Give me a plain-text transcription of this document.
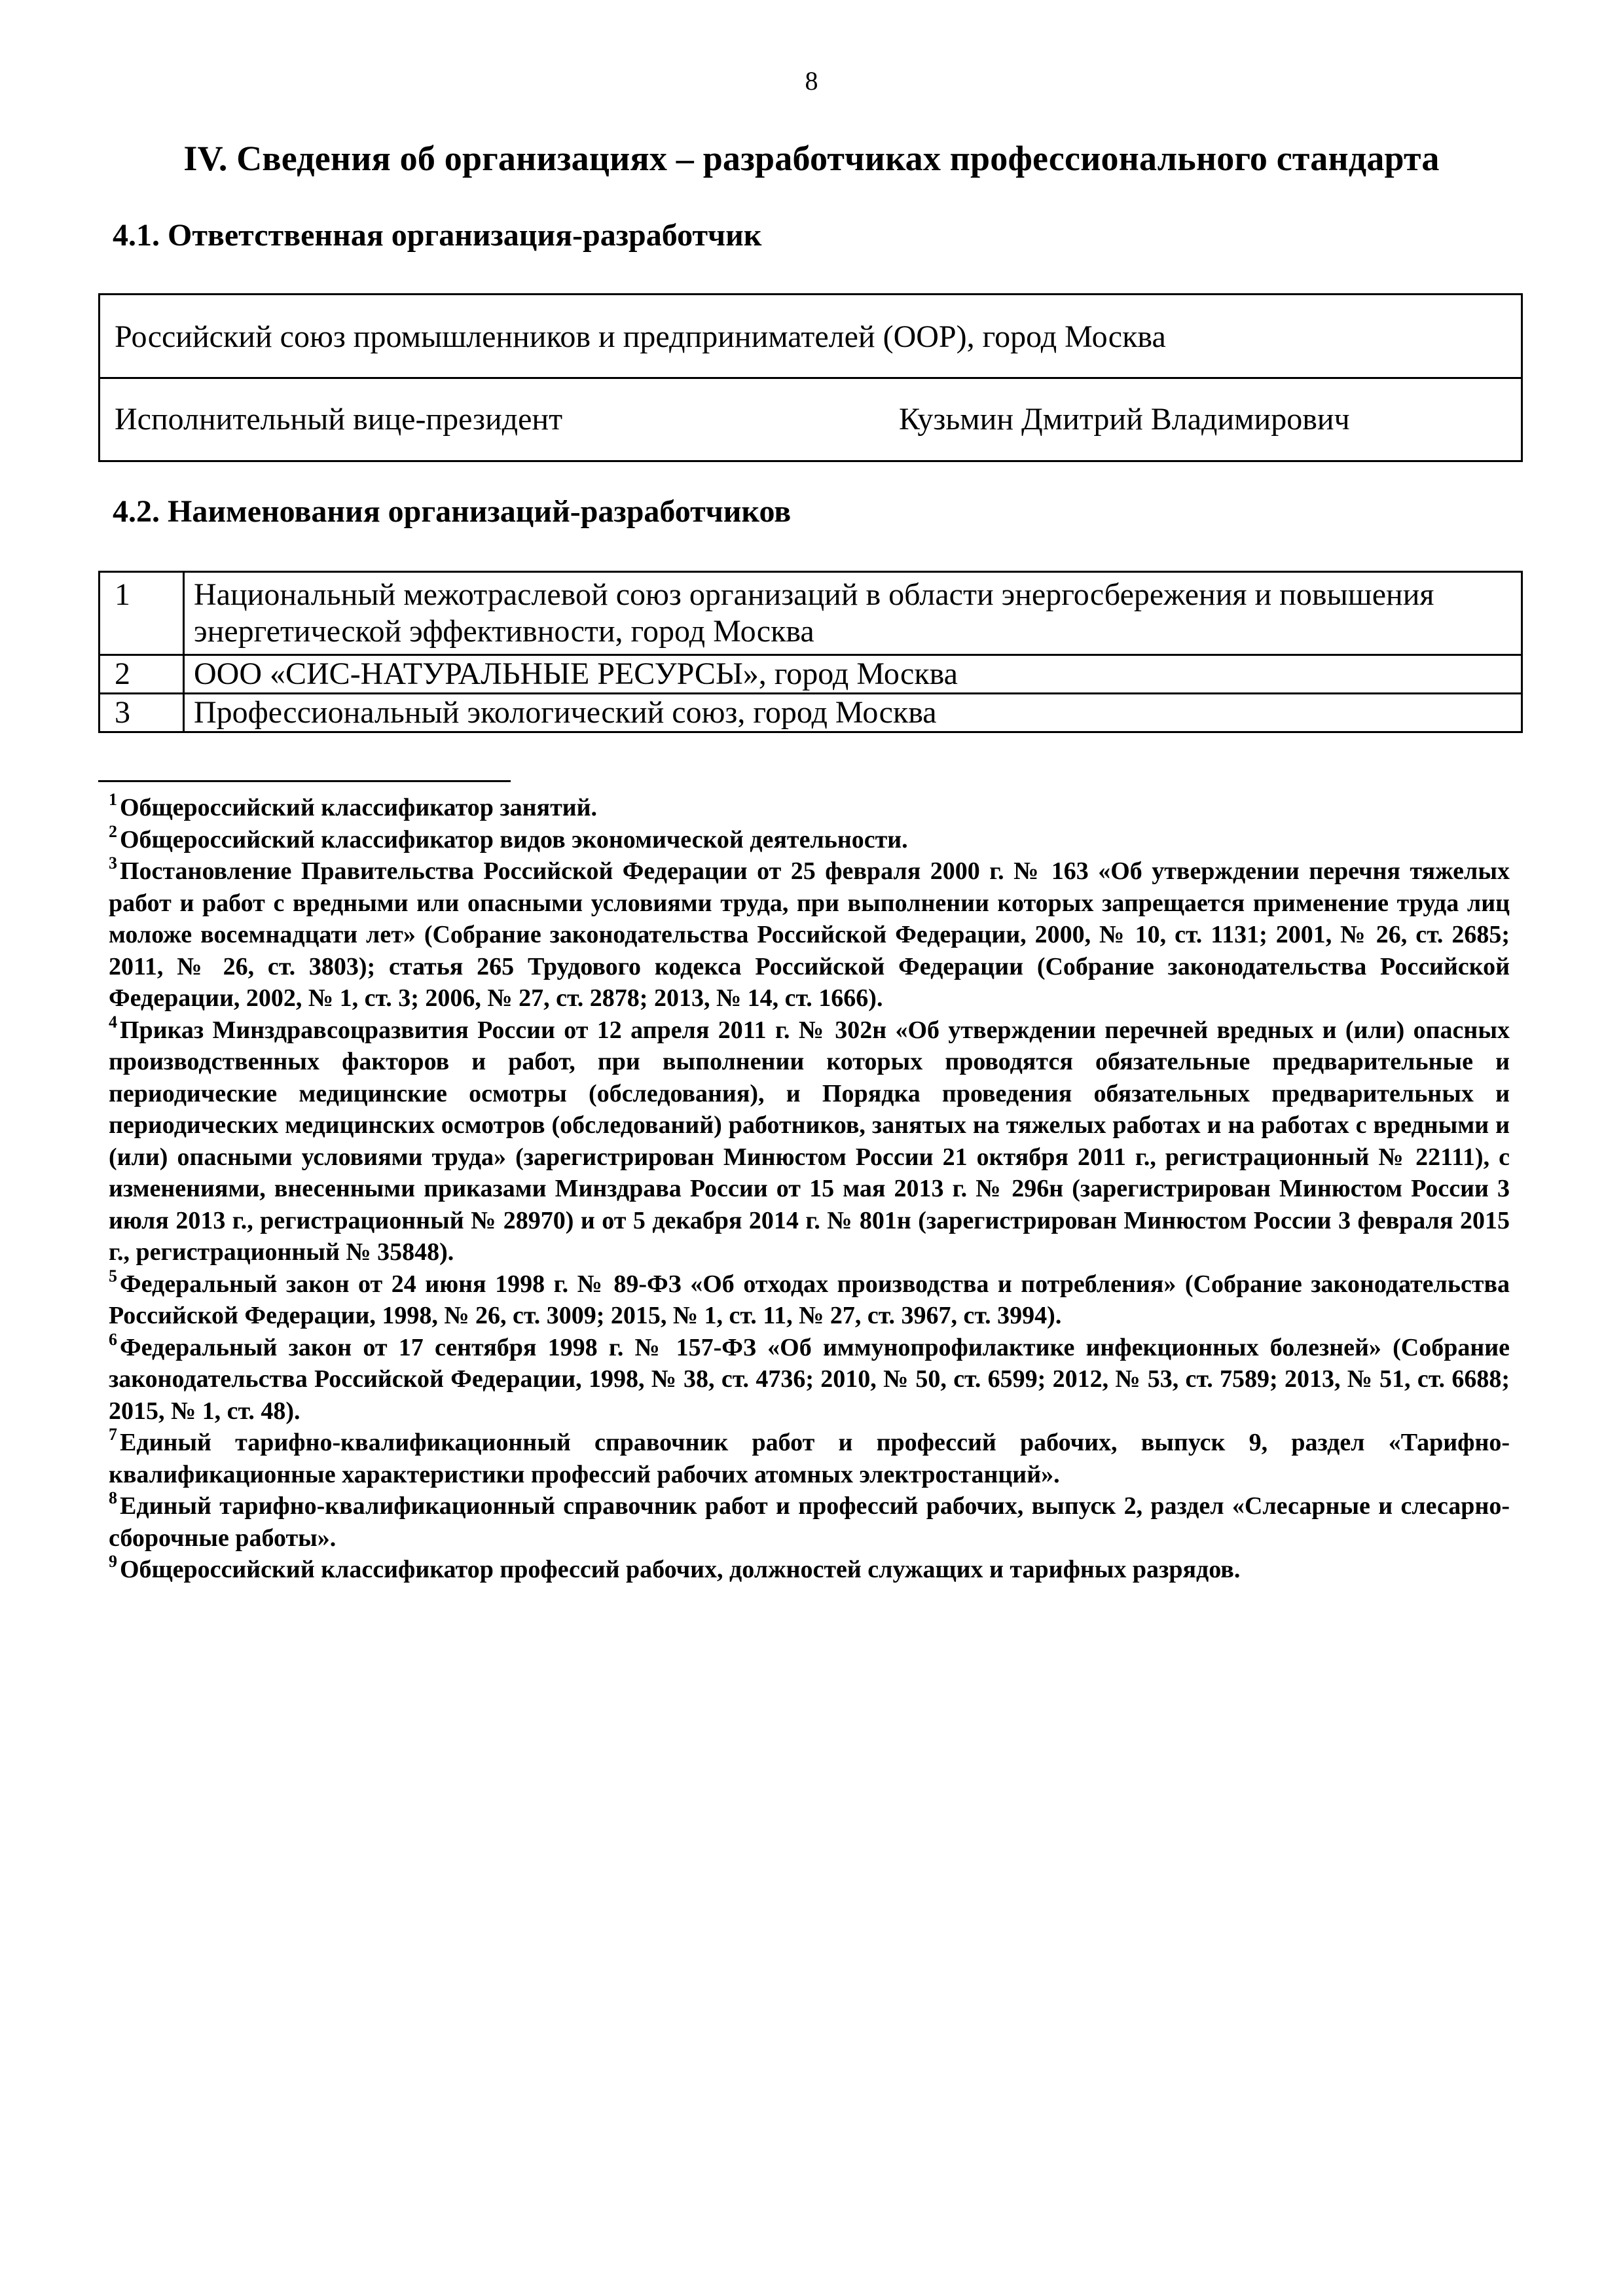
8
IV. Сведения об организациях – разработчиках профессионального стандарта
4.1. Ответственная организация-разработчик
Российский союз промышленников и предпринимателей (ООР), город Москва
Исполнительный вице-президент	Кузьмин Дмитрий Владимирович
4.2. Наименования организаций-разработчиков
1	Национальный межотраслевой союз организаций в области энергосбережения и повышения энергетической эффективности, город Москва
2	ООО «СИС-НАТУРАЛЬНЫЕ РЕСУРСЫ», город Москва
3	Профессиональный экологический союз, город Москва

$^1$ Общероссийский классификатор занятий.

$^2$ Общероссийский классификатор видов экономической деятельности.

$^3$ Постановление Правительства Российской Федерации от 25 февраля 2000 г. № 163 «Об утверждении перечня тяжелых работ и работ с вредными или опасными условиями труда, при выполнении которых запрещается применение труда лиц моложе восемнадцати лет» (Собрание законодательства Российской Федерации, 2000, № 10, ст. 1131; 2001, № 26, ст. 2685; 2011, № 26, ст. 3803); статья 265 Трудового кодекса Российской Федерации (Собрание законодательства Российской Федерации, 2002, № 1, ст. 3; 2006, № 27, ст. 2878; 2013, № 14, ст. 1666).

$^4$ Приказ Минздравсоцразвития России от 12 апреля 2011 г. № 302н «Об утверждении перечней вредных и (или) опасных производственных факторов и работ, при выполнении которых проводятся обязательные предварительные и периодические медицинские осмотры (обследования), и Порядка проведения обязательных предварительных и периодических медицинских осмотров (обследований) работников, занятых на тяжелых работах и на работах с вредными и (или) опасными условиями труда» (зарегистрирован Минюстом России 21 октября 2011 г., регистрационный № 22111), с изменениями, внесенными приказами Минздрава России от 15 мая 2013 г. № 296н (зарегистрирован Минюстом России 3 июля 2013 г., регистрационный № 28970) и от 5 декабря 2014 г. № 801н (зарегистрирован Минюстом России 3 февраля 2015 г., регистрационный № 35848).

$^5$ Федеральный закон от 24 июня 1998 г. № 89-ФЗ «Об отходах производства и потребления» (Собрание законодательства Российской Федерации, 1998, № 26, ст. 3009; 2015, № 1, ст. 11, № 27, ст. 3967, ст. 3994).

$^6$ Федеральный закон от 17 сентября 1998 г. № 157-ФЗ «Об иммунопрофилактике инфекционных болезней» (Собрание законодательства Российской Федерации, 1998, № 38, ст. 4736; 2010, № 50, ст. 6599; 2012, № 53, ст. 7589; 2013, № 51, ст. 6688; 2015, № 1, ст. 48).

$^7$ Единый тарифно-квалификационный справочник работ и профессий рабочих, выпуск 9, раздел «Тарифно-квалификационные характеристики профессий рабочих атомных электростанций».

$^8$ Единый тарифно-квалификационный справочник работ и профессий рабочих, выпуск 2, раздел «Слесарные и слесарно-сборочные работы».

$^9$ Общероссийский классификатор профессий рабочих, должностей служащих и тарифных разрядов.
